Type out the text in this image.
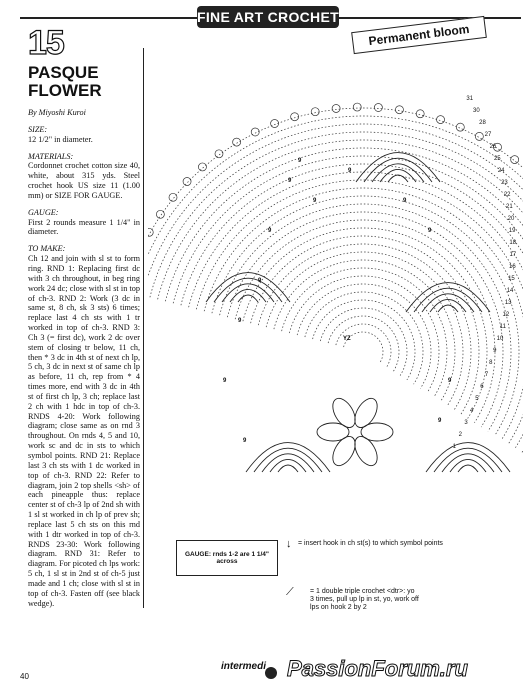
FINE ART CROCHET
Permanent bloom
15
PASQUE
FLOWER
By Miyoshi Kuroi
SIZE:

12 1/2" in diameter.

MATERIALS:

Cordonnet crochet cotton size 40, white, about 315 yds. Steel crochet hook US size 11 (1.00 mm) or SIZE FOR GAUGE.

GAUGE:

First 2 rounds measure 1 1/4" in diameter.

TO MAKE:

Ch 12 and join with sl st to form ring. RND 1: Replacing first dc with 3 ch throughout, in beg ring work 24 dc; close with sl st in top of ch-3. RND 2: Work (3 dc in same st, 8 ch, sk 3 sts) 6 times; replace last 4 ch sts with 1 tr worked in top of ch-3. RND 3: Ch 3 (= first dc), work 2 dc over stem of closing tr below, 11 ch, then * 3 dc in 4th st of next ch lp, 5 ch, 3 dc in next st of same ch lp as before, 11 ch, rep from * 4 times more, end with 3 dc in 4th st of first ch lp, 3 ch; replace last 2 ch with 1 hdc in top of ch-3. RNDS 4-20: Work following diagram; close same as on rnd 3 throughout. On rnds 4, 5 and 10, work sc and dc in sts to which symbol points. RND 21: Replace last 3 ch sts with 1 dc worked in top of ch-3. RND 22: Refer to diagram, join 2 top shells <sh> of each pineapple thus: replace center st of ch-3 lp of 2nd sh with 1 sl st worked in ch lp of prev sh; replace last 5 ch sts on this rnd with 1 dtr worked in top of ch-3. RNDS 23-30: Work following diagram. RND 31: Refer to diagram. For picoted ch lps work: 5 ch, 1 sl st in 2nd st of ch-5 just made and 1 ch; close with sl st in top of ch-3. Fasten off (see black wedge).

31
30
28
27
26
25
24
23
22
21
20
19
18
17
16
15
14
13
12
11
10
9
8
7
6
5
4
3
2
1
9
9
9
9
9
9
9
9
9
9
9
9
9
YZ
GAUGE: rnds 1-2 are 1 1/4" across
↓ = insert hook in ch st(s) to which symbol points
⟋ = 1 double triple crochet <dtr>: yo 3 times, pull up lp in st, yo, work off lps on hook 2 by 2
40
intermedi PassionForum.ru
